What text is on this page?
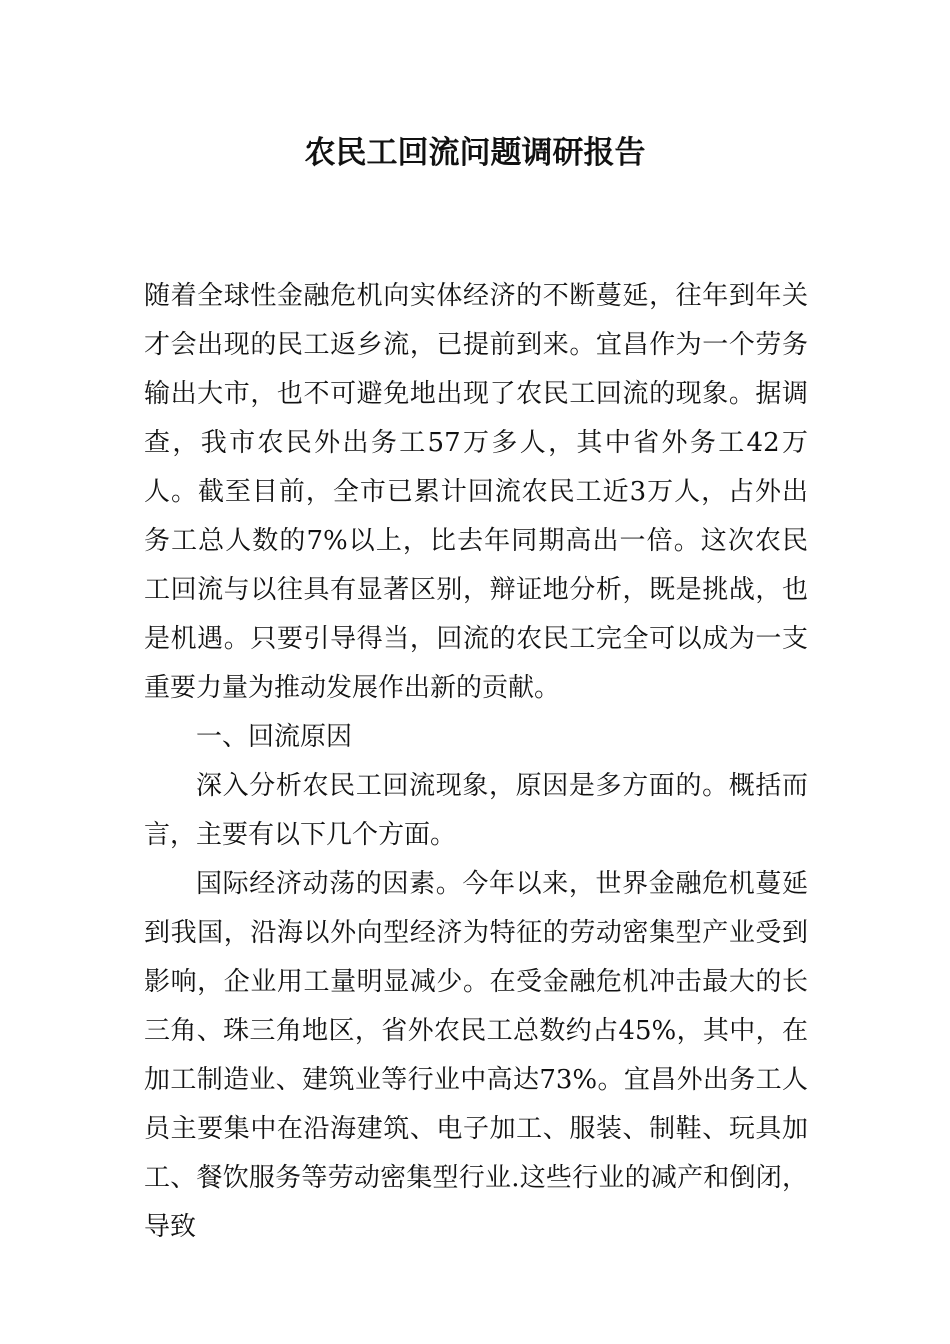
农民工回流问题调研报告

随着全球性金融危机向实体经济的不断蔓延，往年到年关才会出现的民工返乡流，已提前到来。宜昌作为一个劳务输出大市，也不可避免地出现了农民工回流的现象。据调查，我市农民外出务工57万多人，其中省外务工42万人。截至目前，全市已累计回流农民工近3万人，占外出务工总人数的7%以上，比去年同期高出一倍。这次农民工回流与以往具有显著区别，辩证地分析，既是挑战，也是机遇。只要引导得当，回流的农民工完全可以成为一支重要力量为推动发展作出新的贡献。

一、回流原因

深入分析农民工回流现象，原因是多方面的。概括而言，主要有以下几个方面。

国际经济动荡的因素。今年以来，世界金融危机蔓延到我国，沿海以外向型经济为特征的劳动密集型产业受到影响，企业用工量明显减少。在受金融危机冲击最大的长三角、珠三角地区，省外农民工总数约占45%，其中，在加工制造业、建筑业等行业中高达73%。宜昌外出务工人员主要集中在沿海建筑、电子加工、服装、制鞋、玩具加工、餐饮服务等劳动密集型行业.这些行业的减产和倒闭，导致
